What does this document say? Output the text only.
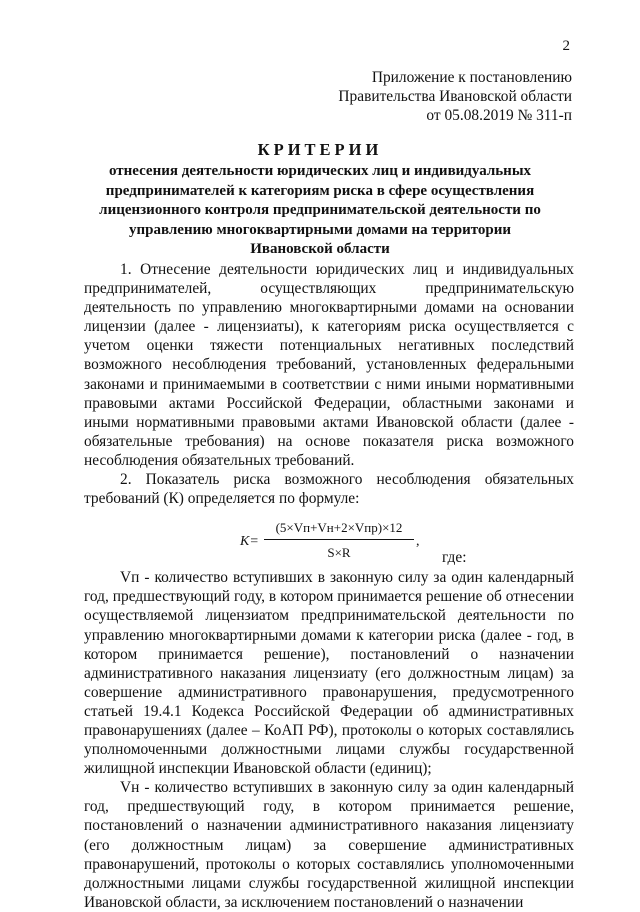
2
Приложение к постановлению
Правительства Ивановской области
от 05.08.2019 № 311-п
КРИТЕРИИ
отнесения деятельности юридических лиц и индивидуальных предпринимателей к категориям риска в сфере осуществления лицензионного контроля предпринимательской деятельности по управлению многоквартирными домами на территории Ивановской области

1. Отнесение деятельности юридических лиц и индивидуальных предпринимателей, осуществляющих предпринимательскую деятельность по управлению многоквартирными домами на основании лицензии (далее - лицензиаты), к категориям риска осуществляется с учетом оценки тяжести потенциальных негативных последствий возможного несоблюдения требований, установленных федеральными законами и принимаемыми в соответствии с ними иными нормативными правовыми актами Российской Федерации, областными законами и иными нормативными правовыми актами Ивановской области (далее - обязательные требования) на основе показателя риска возможного несоблюдения обязательных требований.

2. Показатель риска возможного несоблюдения обязательных требований (К) определяется по формуле:

K=
(5×Vп+Vн+2×Vпр)×12
S×R
,
где:

Vп - количество вступивших в законную силу за один календарный год, предшествующий году, в котором принимается решение об отнесении осуществляемой лицензиатом предпринимательской деятельности по управлению многоквартирными домами к категории риска (далее - год, в котором принимается решение), постановлений о назначении административного наказания лицензиату (его должностным лицам) за совершение административного правонарушения, предусмотренного статьей 19.4.1 Кодекса Российской Федерации об административных правонарушениях (далее – КоАП РФ), протоколы о которых составлялись уполномоченными должностными лицами службы государственной жилищной инспекции Ивановской области (единиц);

Vн - количество вступивших в законную силу за один календарный год, предшествующий году, в котором принимается решение, постановлений о назначении административного наказания лицензиату (его должностным лицам) за совершение административных правонарушений, протоколы о которых составлялись уполномоченными должностными лицами службы государственной жилищной инспекции Ивановской области, за исключением постановлений о назначении
